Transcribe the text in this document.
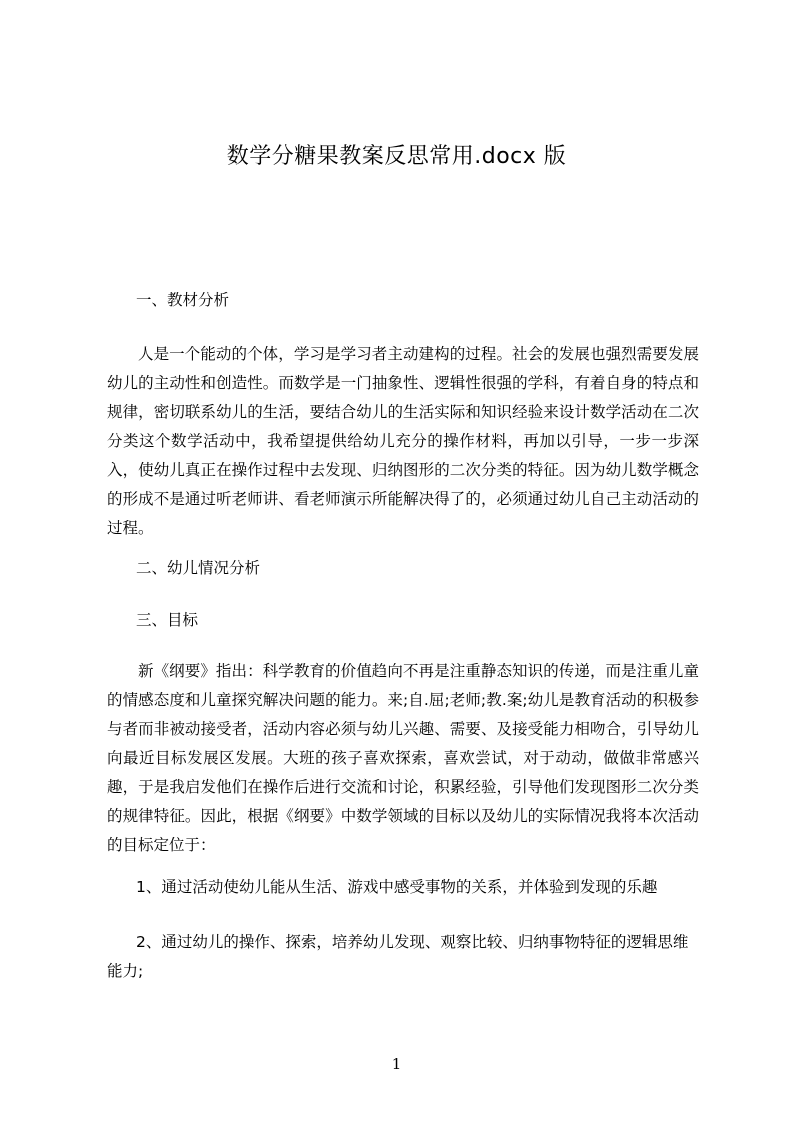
数学分糖果教案反思常用.docx 版

一、教材分析

人是一个能动的个体，学习是学习者主动建构的过程。社会的发展也强烈需要发展幼儿的主动性和创造性。而数学是一门抽象性、逻辑性很强的学科，有着自身的特点和规律，密切联系幼儿的生活，要结合幼儿的生活实际和知识经验来设计数学活动在二次分类这个数学活动中，我希望提供给幼儿充分的操作材料，再加以引导，一步一步深入，使幼儿真正在操作过程中去发现、归纳图形的二次分类的特征。因为幼儿数学概念的形成不是通过听老师讲、看老师演示所能解决得了的，必须通过幼儿自己主动活动的过程。

二、幼儿情况分析

三、目标

新《纲要》指出：科学教育的价值趋向不再是注重静态知识的传递，而是注重儿童的情感态度和儿童探究解决问题的能力。来;自.屈;老师;教.案;幼儿是教育活动的积极参与者而非被动接受者，活动内容必须与幼儿兴趣、需要、及接受能力相吻合，引导幼儿向最近目标发展区发展。大班的孩子喜欢探索，喜欢尝试，对于动动，做做非常感兴趣，于是我启发他们在操作后进行交流和讨论，积累经验，引导他们发现图形二次分类的规律特征。因此，根据《纲要》中数学领域的目标以及幼儿的实际情况我将本次活动的目标定位于：

1、通过活动使幼儿能从生活、游戏中感受事物的关系，并体验到发现的乐趣

2、通过幼儿的操作、探索，培养幼儿发现、观察比较、归纳事物特征的逻辑思维能力;

1
